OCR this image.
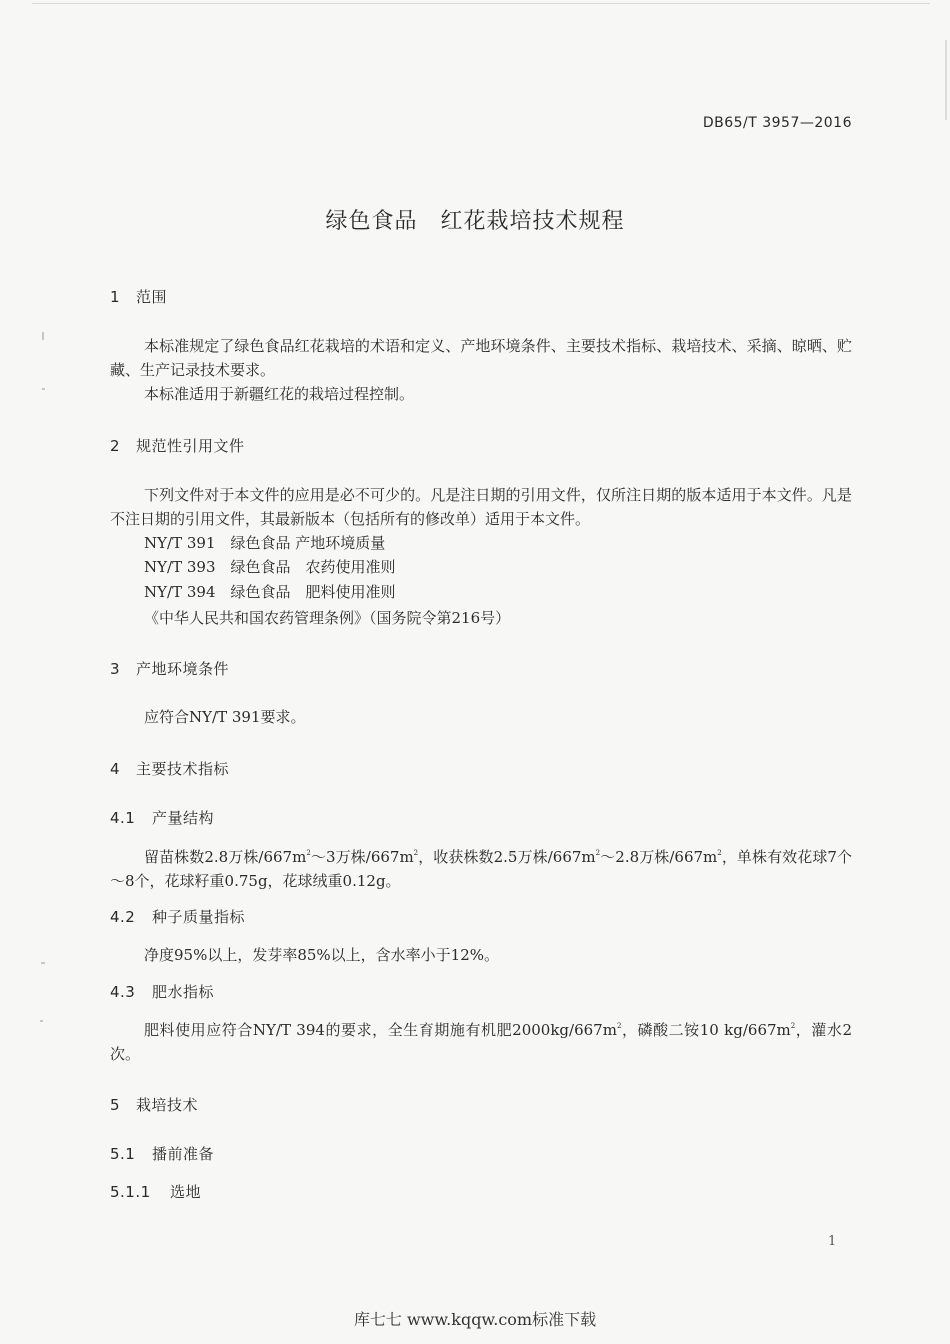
DB65/T 3957—2016
绿色食品　红花栽培技术规程
1 范围
本标准规定了绿色食品红花栽培的术语和定义、产地环境条件、主要技术指标、栽培技术、采摘、晾晒、贮藏、生产记录技术要求。
本标准适用于新疆红花的栽培过程控制。
2 规范性引用文件
下列文件对于本文件的应用是必不可少的。凡是注日期的引用文件，仅所注日期的版本适用于本文件。凡是不注日期的引用文件，其最新版本（包括所有的修改单）适用于本文件。
NY/T 391　绿色食品 产地环境质量
NY/T 393　绿色食品　农药使用准则
NY/T 394　绿色食品　肥料使用准则
《中华人民共和国农药管理条例》（国务院令第216号）
3 产地环境条件
应符合NY/T 391要求。
4 主要技术指标
4.1 产量结构
留苗株数2.8万株$/667m^2\sim 3$万株$/667m^2$，收获株数2.5万株$/667m^2\sim 2.8$万株$/667m^2$，单株有效花球7个～8个，花球籽重0.75g，花球绒重0.12g。
4.2 种子质量指标
净度95%以上，发芽率85%以上，含水率小于12%。
4.3 肥水指标
肥料使用应符合NY/T 394的要求，全生育期施有机肥$2000kg/667m^2$，磷酸二铵10 $kg/667m^2$，灌水2次。
5 栽培技术
5.1 播前准备
5.1.1 选地
1
库七七 www.kqqw.com标准下载
